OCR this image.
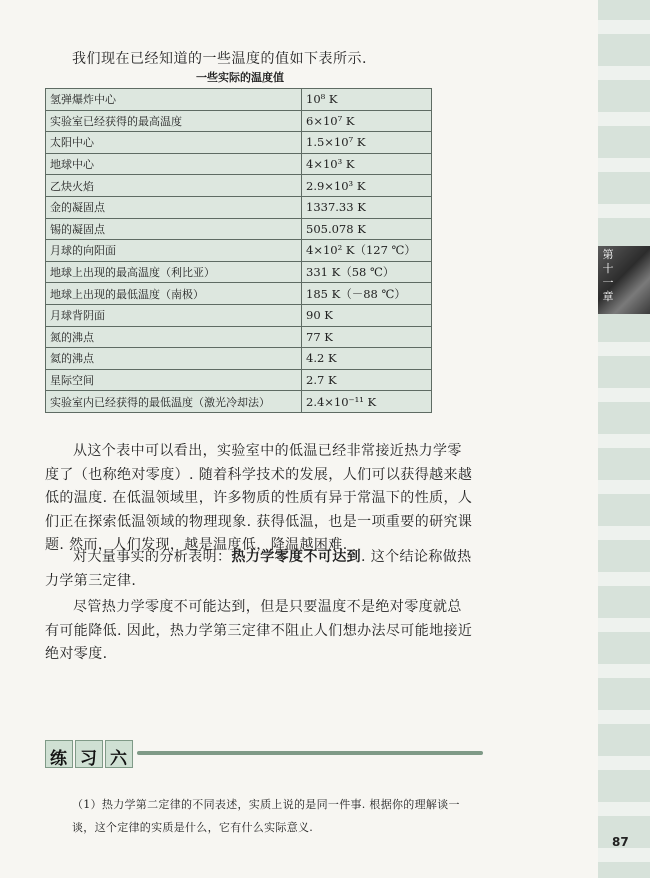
第十一章
我们现在已经知道的一些温度的值如下表所示.
一些实际的温度值
氢弹爆炸中心	10⁸ K
实验室已经获得的最高温度	6×10⁷ K
太阳中心	1.5×10⁷ K
地球中心	4×10³ K
乙炔火焰	2.9×10³ K
金的凝固点	1337.33 K
锡的凝固点	505.078 K
月球的向阳面	4×10² K（127 ℃）
地球上出现的最高温度（利比亚）	331 K（58 ℃）
地球上出现的最低温度（南极）	185 K（－88 ℃）
月球背阴面	90 K
氮的沸点	77 K
氦的沸点	4.2 K
星际空间	2.7 K
实验室内已经获得的最低温度（激光冷却法）	2.4×10⁻¹¹ K
从这个表中可以看出，实验室中的低温已经非常接近热力学零度了（也称绝对零度）. 随着科学技术的发展，人们可以获得越来越低的温度. 在低温领域里，许多物质的性质有异于常温下的性质，人们正在探索低温领域的物理现象. 获得低温，也是一项重要的研究课题. 然而，人们发现，越是温度低，降温越困难.
对大量事实的分析表明：热力学零度不可达到. 这个结论称做热力学第三定律.
尽管热力学零度不可能达到，但是只要温度不是绝对零度就总有可能降低. 因此，热力学第三定律不阻止人们想办法尽可能地接近绝对零度.
练 习 六
（1）热力学第二定律的不同表述，实质上说的是同一件事. 根据你的理解谈一谈，这个定律的实质是什么，它有什么实际意义.
87
